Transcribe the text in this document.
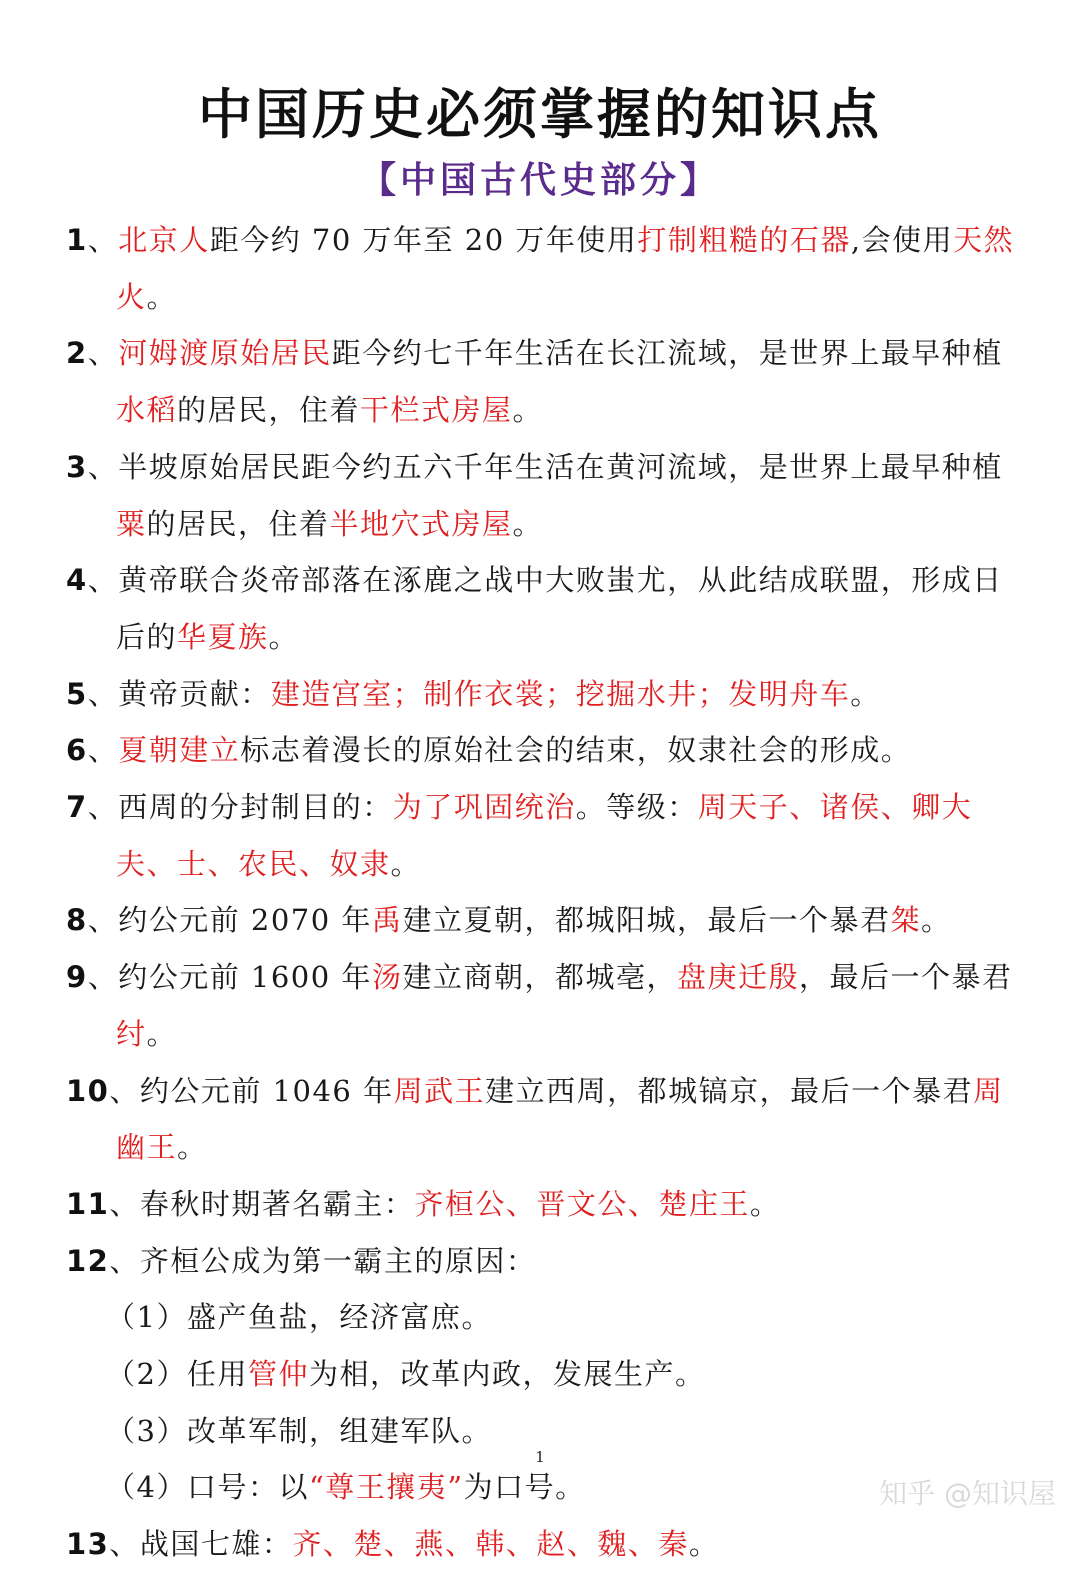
中国历史必须掌握的知识点
【中国古代史部分】

1、北京人距今约 70 万年至 20 万年使用打制粗糙的石器,会使用天然火。

2、河姆渡原始居民距今约七千年生活在长江流域，是世界上最早种植水稻的居民，住着干栏式房屋。

3、半坡原始居民距今约五六千年生活在黄河流域，是世界上最早种植粟的居民，住着半地穴式房屋。

4、黄帝联合炎帝部落在涿鹿之战中大败蚩尤，从此结成联盟，形成日后的华夏族。

5、黄帝贡献：建造宫室；制作衣裳；挖掘水井；发明舟车。

6、夏朝建立标志着漫长的原始社会的结束，奴隶社会的形成。

7、西周的分封制目的：为了巩固统治。等级：周天子、诸侯、卿大夫、士、农民、奴隶。

8、约公元前 2070 年禹建立夏朝，都城阳城，最后一个暴君桀。

9、约公元前 1600 年汤建立商朝，都城亳，盘庚迁殷，最后一个暴君纣。

10、约公元前 1046 年周武王建立西周，都城镐京，最后一个暴君周幽王。

11、春秋时期著名霸主：齐桓公、晋文公、楚庄王。

12、齐桓公成为第一霸主的原因：

（1）盛产鱼盐，经济富庶。

（2）任用管仲为相，改革内政，发展生产。

（3）改革军制，组建军队。

（4）口号：以“尊王攘夷”为口号。

13、战国七雄：齐、楚、燕、韩、赵、魏、秦。

1
知乎 @知识屋
